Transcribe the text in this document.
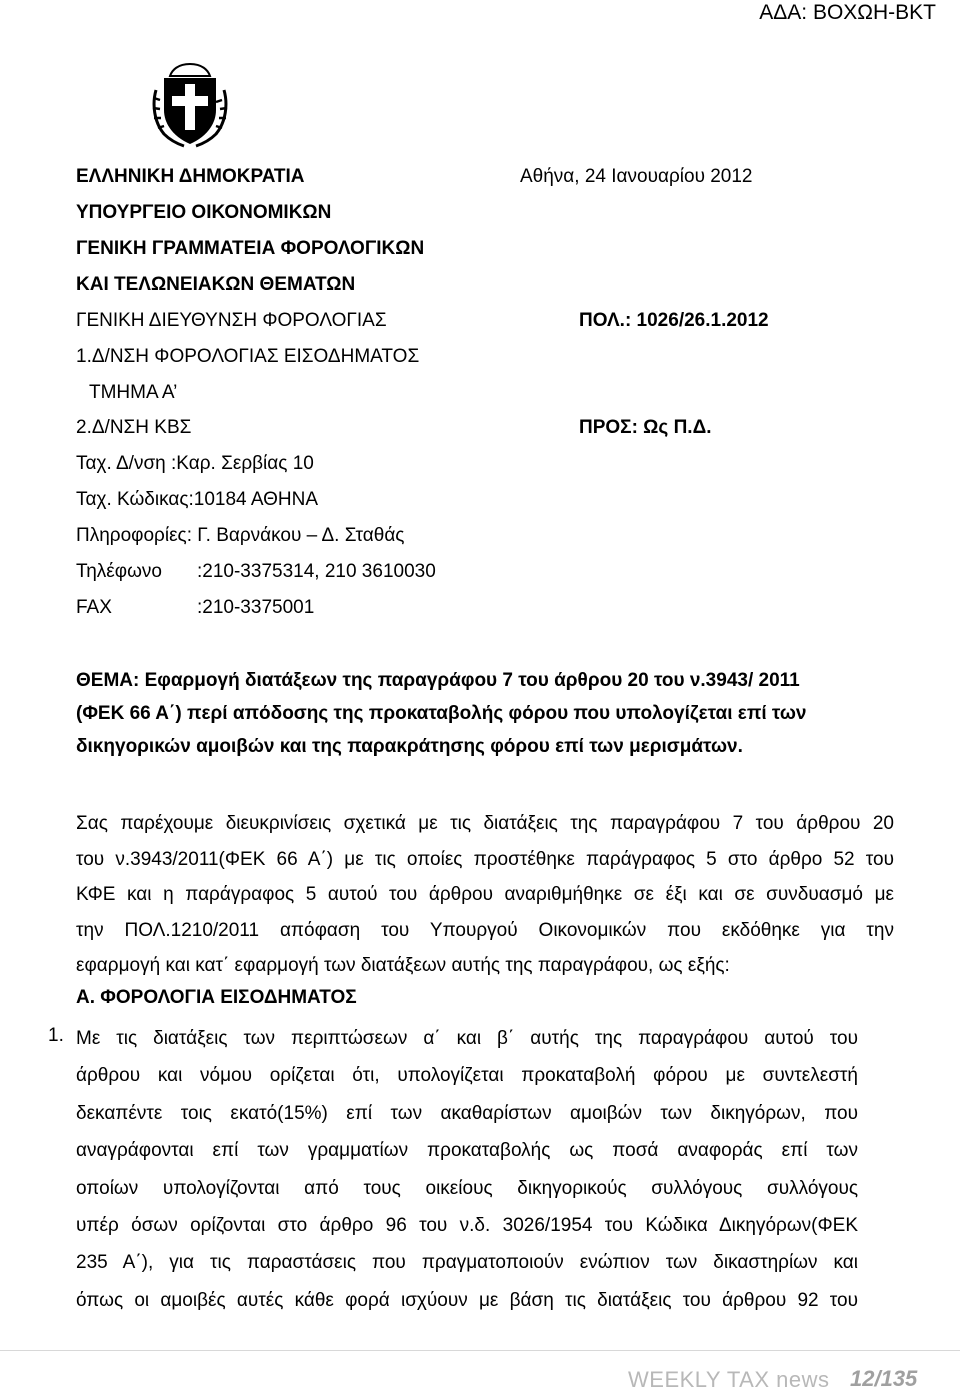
ΑΔΑ: ΒΟΧΩΗ-ΒΚΤ
ΕΛΛΗΝΙΚΗ ΔΗΜΟΚΡΑΤΙΑ
ΥΠΟΥΡΓΕΙΟ ΟΙΚΟΝΟΜΙΚΩΝ
ΓΕΝΙΚΗ ΓΡΑΜΜΑΤΕΙΑ ΦΟΡΟΛΟΓΙΚΩΝ
ΚΑΙ ΤΕΛΩΝΕΙΑΚΩΝ ΘΕΜΑΤΩΝ
ΓΕΝΙΚΗ ΔΙΕΥΘΥΝΣΗ ΦΟΡΟΛΟΓΙΑΣ
1.Δ/ΝΣΗ ΦΟΡΟΛΟΓΙΑΣ ΕΙΣΟΔΗΜΑΤΟΣ
ΤΜΗΜΑ Α’
2.Δ/ΝΣΗ ΚΒΣ
Ταχ. Δ/νση :Καρ. Σερβίας 10
Ταχ. Κώδικας:10184 ΑΘΗΝΑ
Πληροφορίες: Γ. Βαρνάκου – Δ. Σταθάς
Τηλέφωνο :210-3375314, 210 3610030
FAX	:210-3375001
Αθήνα, 24 Ιανουαρίου 2012
ΠΟΛ.: 1026/26.1.2012
ΠΡΟΣ: Ως Π.Δ.
ΘΕΜΑ: Εφαρμογή διατάξεων της παραγράφου 7 του άρθρου 20 του ν.3943/ 2011
(ΦΕΚ 66 Α΄) περί απόδοσης της προκαταβολής φόρου που υπολογίζεται επί των
δικηγορικών αμοιβών και της παρακράτησης φόρου επί των μερισμάτων.
Σας παρέχουμε διευκρινίσεις σχετικά με τις διατάξεις της παραγράφου 7 του άρθρου 20
του ν.3943/2011(ΦΕΚ 66 Α΄) με τις οποίες προστέθηκε παράγραφος 5 στο άρθρο 52 του
ΚΦΕ και η παράγραφος 5 αυτού του άρθρου αναριθμήθηκε σε έξι και σε συνδυασμό με
την ΠΟΛ.1210/2011 απόφαση του Υπουργού Οικονομικών που εκδόθηκε για την
εφαρμογή και κατ΄ εφαρμογή των διατάξεων αυτής της παραγράφου, ως εξής:
Α. ΦΟΡΟΛΟΓΙΑ ΕΙΣΟΔΗΜΑΤΟΣ
1. Με τις διατάξεις των περιπτώσεων α΄ και β΄ αυτής της παραγράφου αυτού του
άρθρου και νόμου ορίζεται ότι, υπολογίζεται προκαταβολή φόρου με συντελεστή
δεκαπέντε τοις εκατό(15%) επί των ακαθαρίστων αμοιβών των δικηγόρων, που
αναγράφονται επί των γραμματίων προκαταβολής ως ποσά αναφοράς επί των
οποίων υπολογίζονται από τους οικείους δικηγορικούς συλλόγους συλλόγους
υπέρ όσων ορίζονται στο άρθρο 96 του ν.δ. 3026/1954 του Κώδικα Δικηγόρων(ΦΕΚ
235 Α΄), για τις παραστάσεις που πραγματοποιούν ενώπιον των δικαστηρίων και
όπως οι αμοιβές αυτές κάθε φορά ισχύουν με βάση τις διατάξεις του άρθρου 92 του
WEEKLY TAX news 12/135
